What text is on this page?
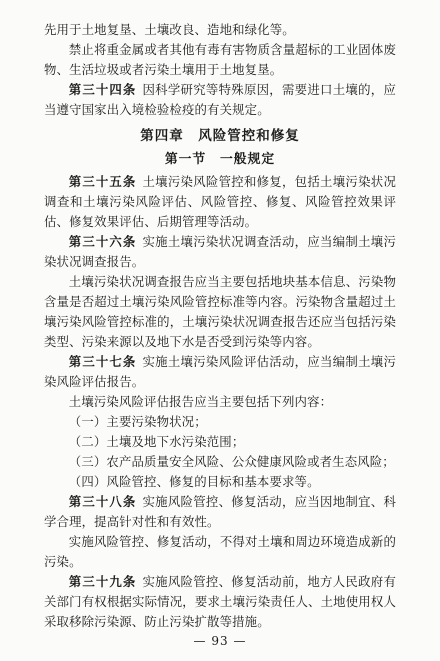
先用于土地复垦、土壤改良、造地和绿化等。

禁止将重金属或者其他有毒有害物质含量超标的工业固体废物、生活垃圾或者污染土壤用于土地复垦。

第三十四条 因科学研究等特殊原因，需要进口土壤的，应当遵守国家出入境检验检疫的有关规定。

第四章　风险管控和修复
第一节　一般规定

第三十五条 土壤污染风险管控和修复，包括土壤污染状况调查和土壤污染风险评估、风险管控、修复、风险管控效果评估、修复效果评估、后期管理等活动。

第三十六条 实施土壤污染状况调查活动，应当编制土壤污染状况调查报告。

土壤污染状况调查报告应当主要包括地块基本信息、污染物含量是否超过土壤污染风险管控标准等内容。污染物含量超过土壤污染风险管控标准的，土壤污染状况调查报告还应当包括污染类型、污染来源以及地下水是否受到污染等内容。

第三十七条 实施土壤污染风险评估活动，应当编制土壤污染风险评估报告。

土壤污染风险评估报告应当主要包括下列内容：

（一）主要污染物状况；

（二）土壤及地下水污染范围；

（三）农产品质量安全风险、公众健康风险或者生态风险；

（四）风险管控、修复的目标和基本要求等。

第三十八条 实施风险管控、修复活动，应当因地制宜、科学合理，提高针对性和有效性。

实施风险管控、修复活动，不得对土壤和周边环境造成新的污染。

第三十九条 实施风险管控、修复活动前，地方人民政府有关部门有权根据实际情况，要求土壤污染责任人、土地使用权人采取移除污染源、防止污染扩散等措施。

— 93 —
